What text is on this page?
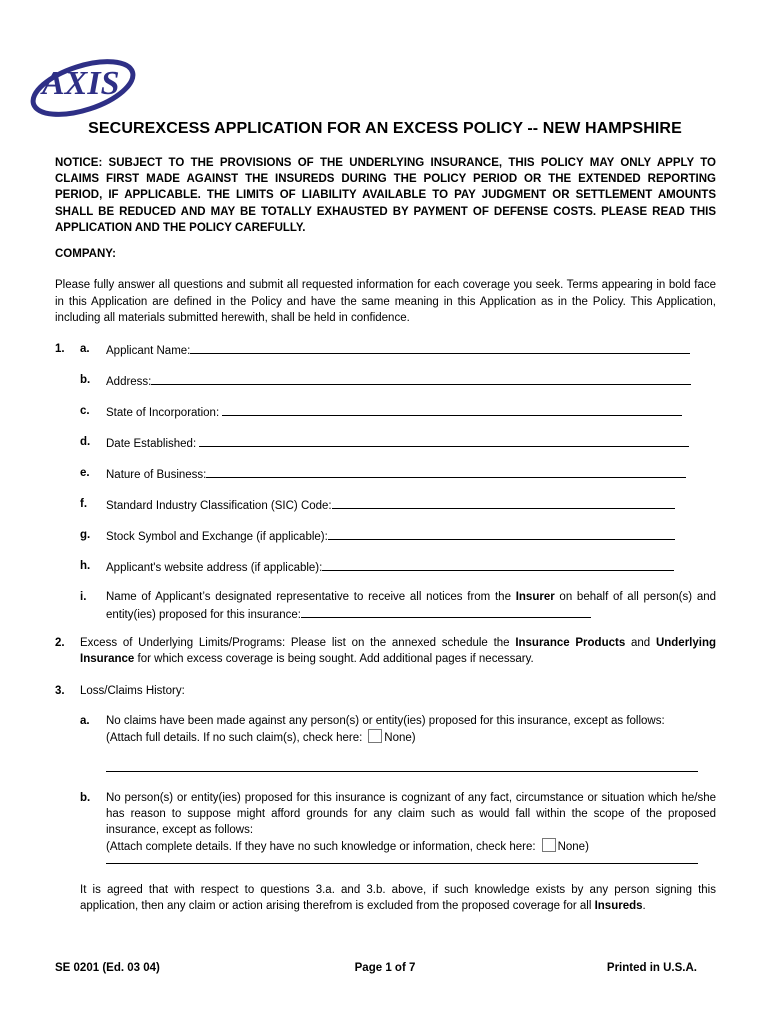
AXIS
SECUREXCESS APPLICATION FOR AN EXCESS POLICY -- NEW HAMPSHIRE
NOTICE: SUBJECT TO THE PROVISIONS OF THE UNDERLYING INSURANCE, THIS POLICY MAY ONLY APPLY TO CLAIMS FIRST MADE AGAINST THE INSUREDS DURING THE POLICY PERIOD OR THE EXTENDED REPORTING PERIOD, IF APPLICABLE. THE LIMITS OF LIABILITY AVAILABLE TO PAY JUDGMENT OR SETTLEMENT AMOUNTS SHALL BE REDUCED AND MAY BE TOTALLY EXHAUSTED BY PAYMENT OF DEFENSE COSTS. PLEASE READ THIS APPLICATION AND THE POLICY CAREFULLY.
COMPANY:
Please fully answer all questions and submit all requested information for each coverage you seek. Terms appearing in bold face in this Application are defined in the Policy and have the same meaning in this Application as in the Policy. This Application, including all materials submitted herewith, shall be held in confidence.
1. a. Applicant Name:
b. Address:
c. State of Incorporation:
d. Date Established:
e. Nature of Business:
f. Standard Industry Classification (SIC) Code:
g. Stock Symbol and Exchange (if applicable):
h. Applicant's website address (if applicable):
i. Name of Applicant’s designated representative to receive all notices from the Insurer on behalf of all person(s) and entity(ies) proposed for this insurance:
2. Excess of Underlying Limits/Programs: Please list on the annexed schedule the Insurance Products and Underlying Insurance for which excess coverage is being sought. Add additional pages if necessary.
3. Loss/Claims History:
a. No claims have been made against any person(s) or entity(ies) proposed for this insurance, except as follows:
(Attach full details. If no such claim(s), check here: None)
b. No person(s) or entity(ies) proposed for this insurance is cognizant of any fact, circumstance or situation which he/she has reason to suppose might afford grounds for any claim such as would fall within the scope of the proposed insurance, except as follows:
(Attach complete details. If they have no such knowledge or information, check here: None)
It is agreed that with respect to questions 3.a. and 3.b. above, if such knowledge exists by any person signing this application, then any claim or action arising therefrom is excluded from the proposed coverage for all Insureds.
SE 0201 (Ed. 03 04)	Page 1 of 7	Printed in U.S.A.
